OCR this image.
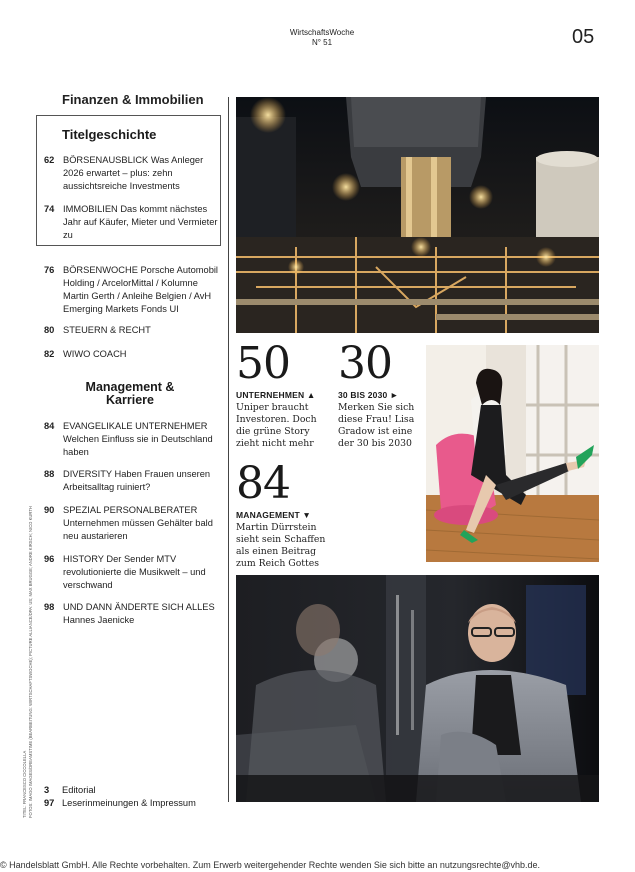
WirtschaftsWoche
N° 51	05
Finanzen & Immobilien
Titelgeschichte
62 BÖRSENAUSBLICK Was Anleger 2026 erwartet – plus: zehn aussichtsreiche Investments
74 IMMOBILIEN Das kommt nächstes Jahr auf Käufer, Mieter und Vermieter zu
76 BÖRSENWOCHE Porsche Automobil Holding / ArcelorMittal / Kolumne Martin Gerth / Anleihe Belgien / AvH Emerging Markets Fonds UI
80 STEUERN & RECHT
82 WIWO COACH
Management & Karriere
84 EVANGELIKALE UNTERNEHMER Welchen Einfluss sie in Deutschland haben
88 DIVERSITY Haben Frauen unseren Arbeitsalltag ruiniert?
90 SPEZIAL PERSONALBERATER Unternehmen müssen Gehälter bald neu austarieren
96 HISTORY Der Sender MTV revolutionierte die Musikwelt – und verschwand
98 UND DANN ÄNDERTE SICH ALLES Hannes Jaenicke
3 Editorial
97 Leserinmeinungen & Impressum
TITEL: FRANCESCO CICCOLELLA FOTOS: IMAGO IMAGES/DREAMSTIME (BEARBEITUNG: WIRTSCHAFTSWOCHE); PICTURE ALLIANCE/DPA: US; MAX BRUGGE; ANDRE KIRSCH; NICO KURTH
50
UNTERNEHMEN ▲
Uniper braucht Investoren. Doch die grüne Story zieht nicht mehr
30
30 BIS 2030 ►
Merken Sie sich diese Frau! Lisa Gradow ist eine der 30 bis 2030
84
MANAGEMENT ▼
Martin Dürrstein sieht sein Schaffen als einen Beitrag zum Reich Gottes
© Handelsblatt GmbH. Alle Rechte vorbehalten. Zum Erwerb weitergehender Rechte wenden Sie sich bitte an nutzungsrechte@vhb.de.
